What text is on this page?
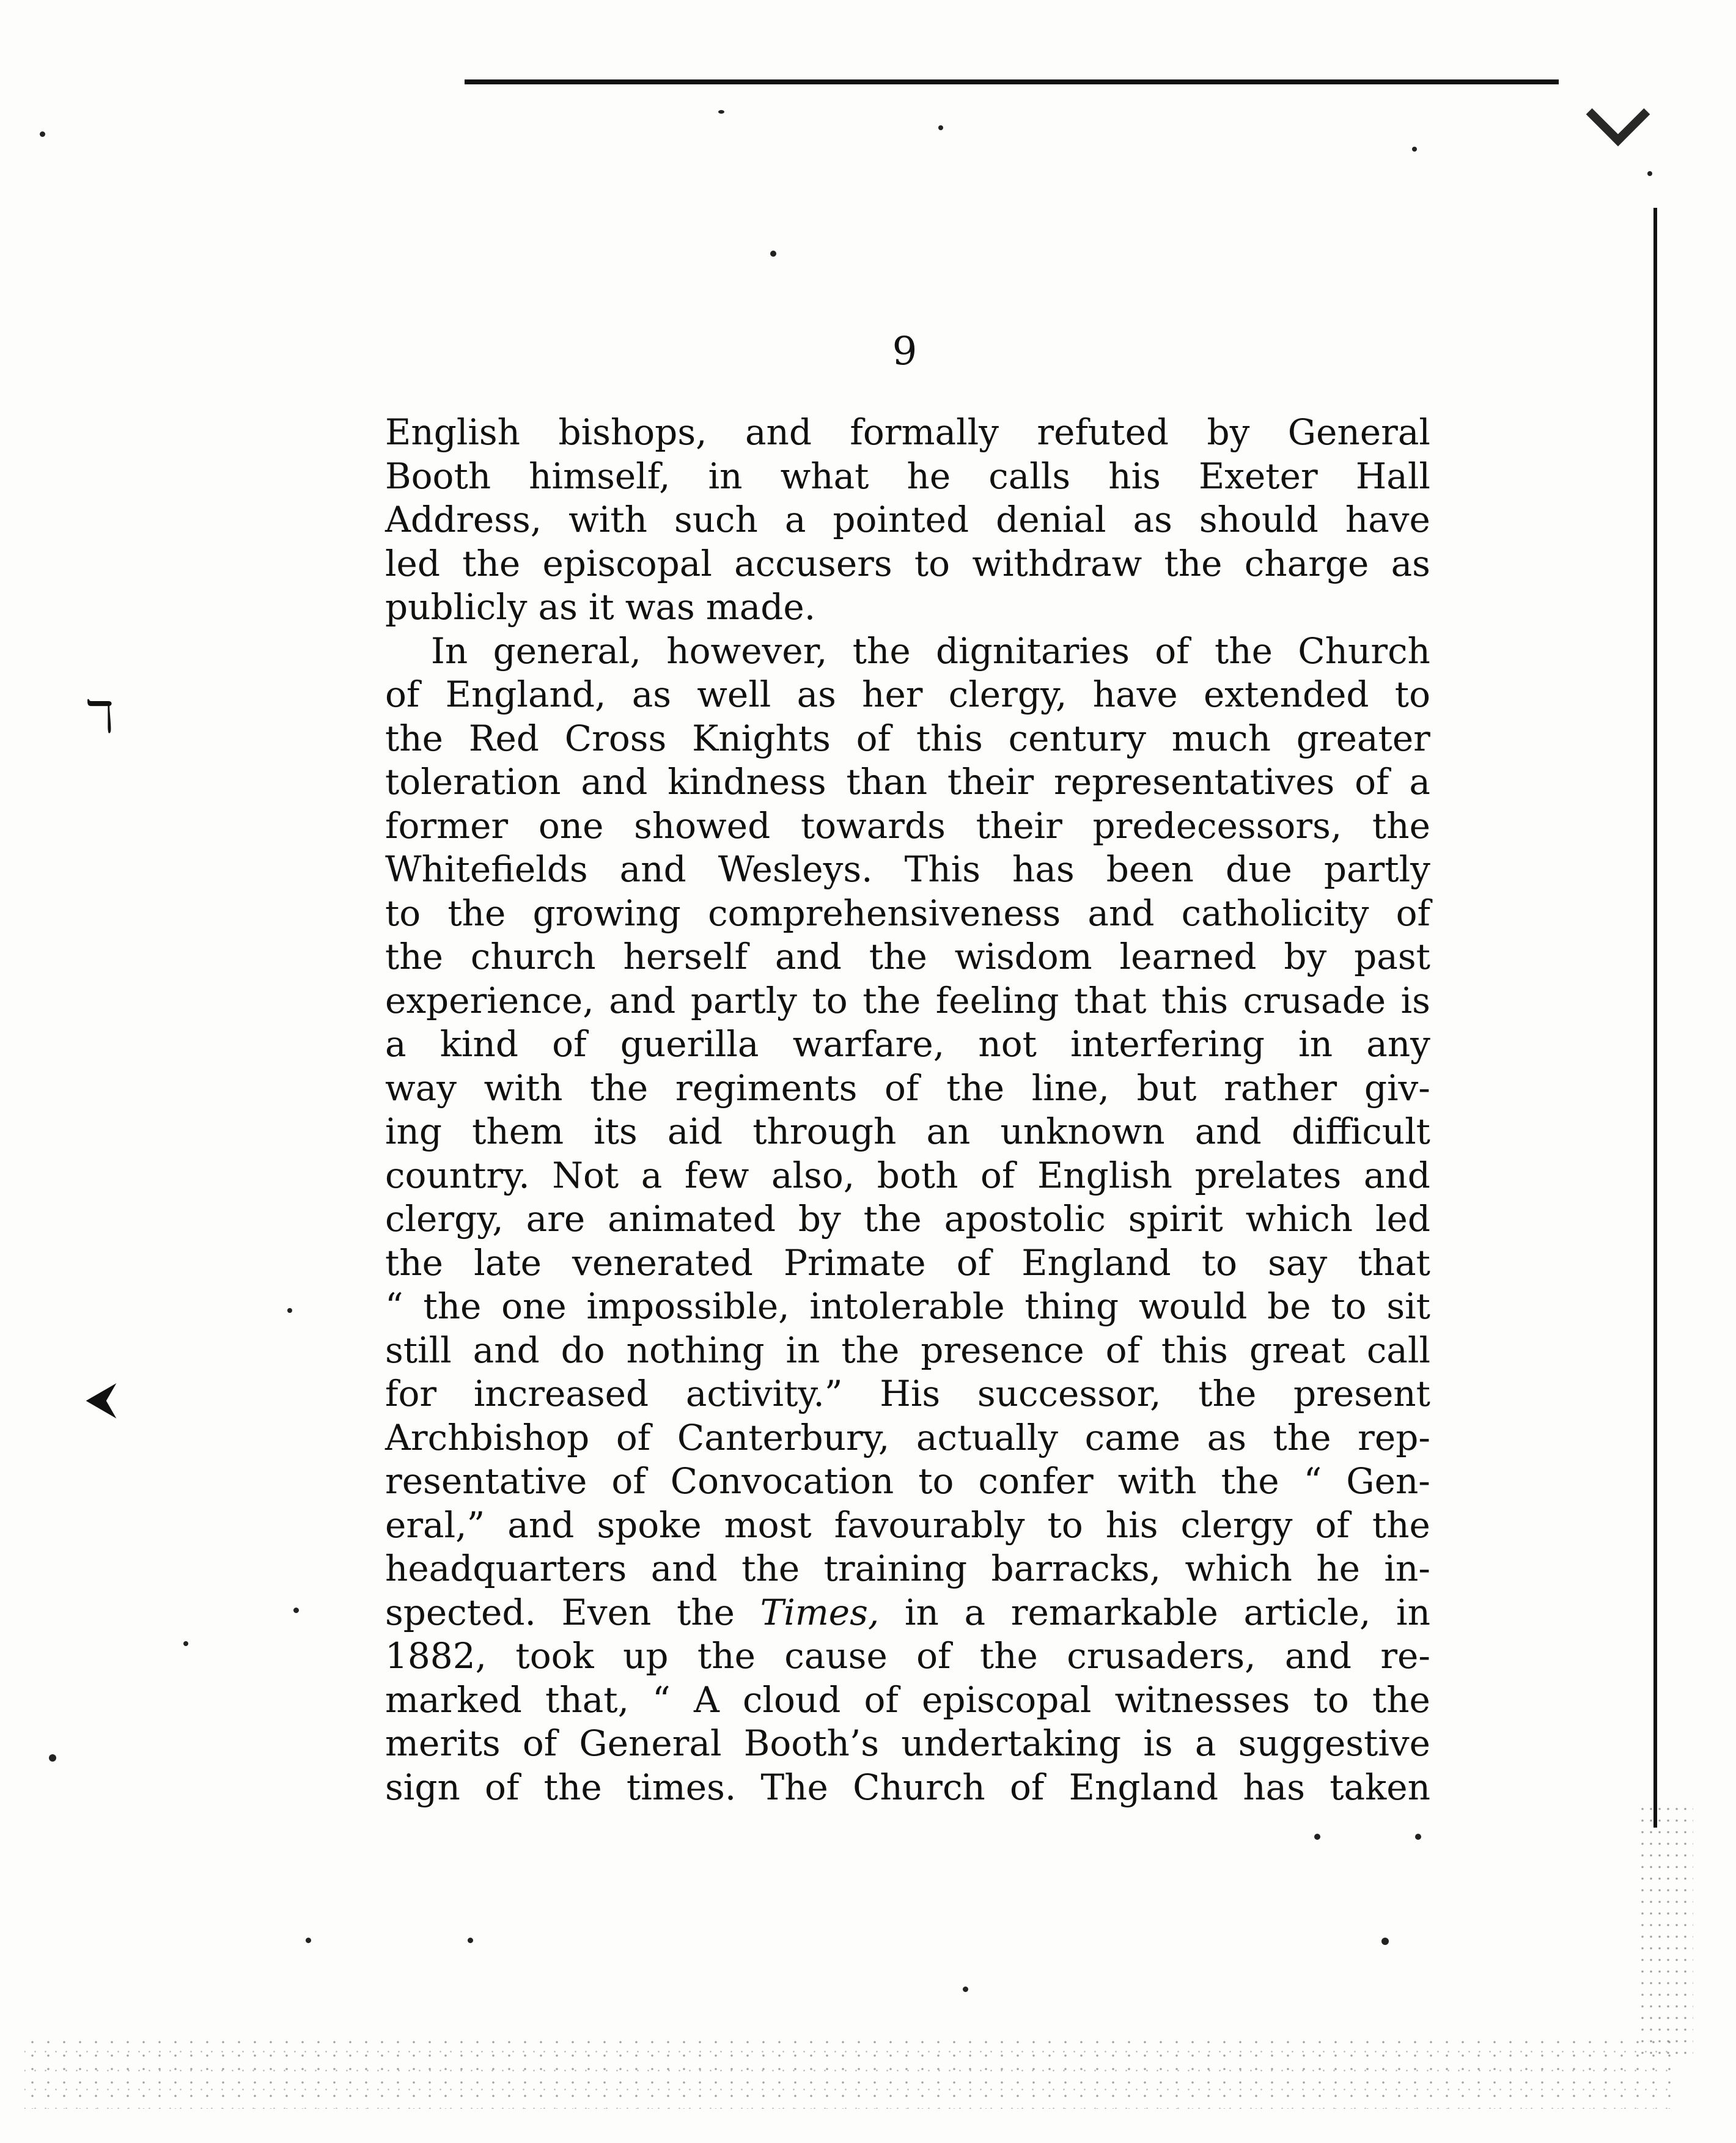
ℸ
⮜
9
English bishops, and formally refuted by General
Booth himself, in what he calls his Exeter Hall
Address, with such a pointed denial as should have
led the episcopal accusers to withdraw the charge as
publicly as it was made.
In general, however, the dignitaries of the Church
of England, as well as her clergy, have extended to
the Red Cross Knights of this century much greater
toleration and kindness than their representatives of a
former one showed towards their predecessors, the
Whitefields and Wesleys. This has been due partly
to the growing comprehensiveness and catholicity of
the church herself and the wisdom learned by past
experience, and partly to the feeling that this crusade is
a kind of guerilla warfare, not interfering in any
way with the regiments of the line, but rather giv-
ing them its aid through an unknown and difficult
country. Not a few also, both of English prelates and
clergy, are animated by the apostolic spirit which led
the late venerated Primate of England to say that
“ the one impossible, intolerable thing would be to sit
still and do nothing in the presence of this great call
for increased activity.” His successor, the present
Archbishop of Canterbury, actually came as the rep-
resentative of Convocation to confer with the “ Gen-
eral,” and spoke most favourably to his clergy of the
headquarters and the training barracks, which he in-
spected. Even the Times, in a remarkable article, in
1882, took up the cause of the crusaders, and re-
marked that, “ A cloud of episcopal witnesses to the
merits of General Booth’s undertaking is a suggestive
sign of the times. The Church of England has taken
